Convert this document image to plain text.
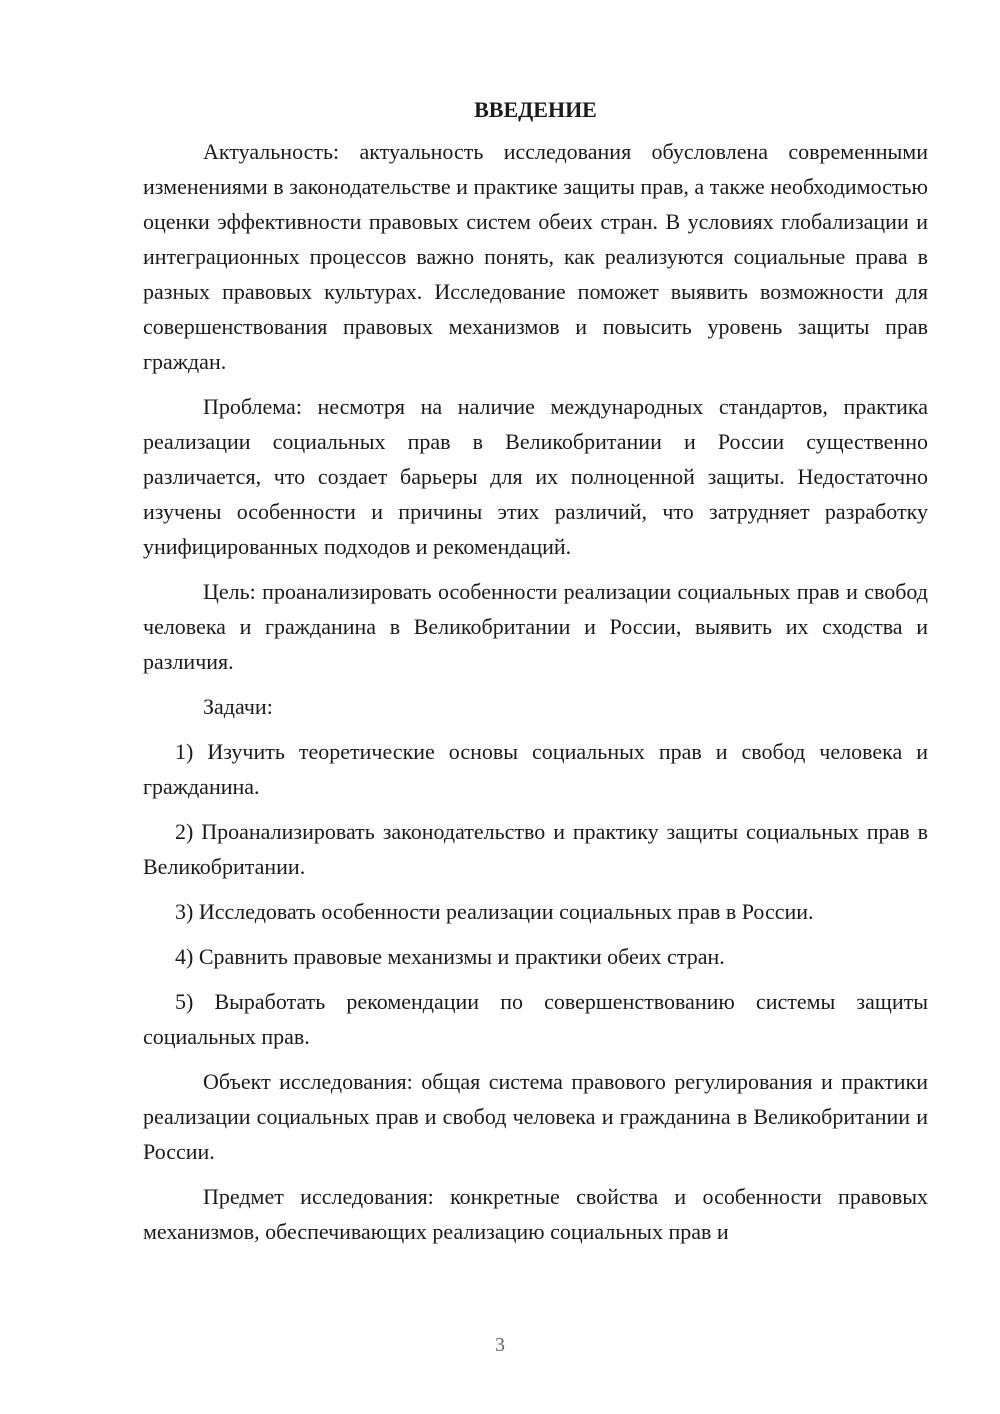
ВВЕДЕНИЕ

Актуальность: актуальность исследования обусловлена современными изменениями в законодательстве и практике защиты прав, а также необходимостью оценки эффективности правовых систем обеих стран. В условиях глобализации и интеграционных процессов важно понять, как реализуются социальные права в разных правовых культурах. Исследование поможет выявить возможности для совершенствования правовых механизмов и повысить уровень защиты прав граждан.

Проблема: несмотря на наличие международных стандартов, практика реализации социальных прав в Великобритании и России существенно различается, что создает барьеры для их полноценной защиты. Недостаточно изучены особенности и причины этих различий, что затрудняет разработку унифицированных подходов и рекомендаций.

Цель: проанализировать особенности реализации социальных прав и свобод человека и гражданина в Великобритании и России, выявить их сходства и различия.

Задачи:

1) Изучить теоретические основы социальных прав и свобод человека и гражданина.

2) Проанализировать законодательство и практику защиты социальных прав в Великобритании.

3) Исследовать особенности реализации социальных прав в России.

4) Сравнить правовые механизмы и практики обеих стран.

5) Выработать рекомендации по совершенствованию системы защиты социальных прав.

Объект исследования: общая система правового регулирования и практики реализации социальных прав и свобод человека и гражданина в Великобритании и России.

Предмет исследования: конкретные свойства и особенности правовых механизмов, обеспечивающих реализацию социальных прав и

3
